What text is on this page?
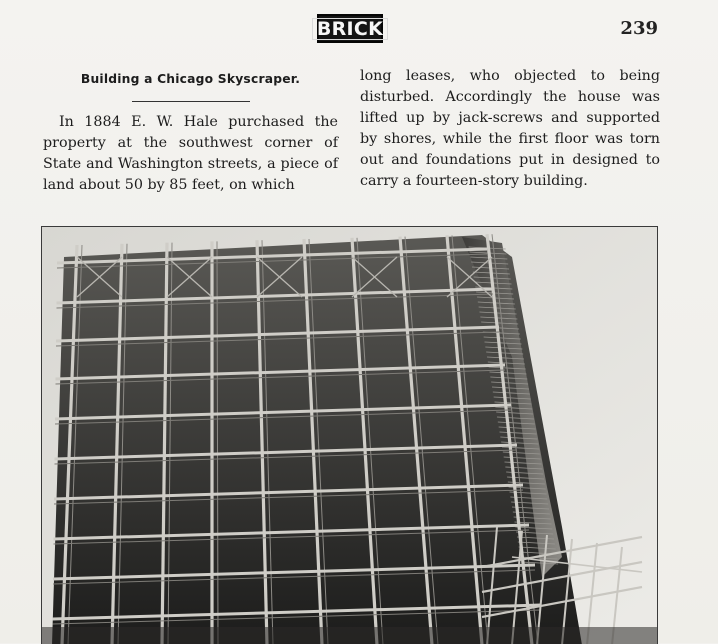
BRICK	239
Building a Chicago Skyscraper.

In 1884 E. W. Hale purchased the property at the southwest corner of State and Washington streets, a piece of land about 50 by 85 feet, on which

long leases, who objected to being disturbed. Accordingly the house was lifted up by jack-screws and supported by shores, while the first floor was torn out and foundations put in designed to carry a fourteen-story building.
